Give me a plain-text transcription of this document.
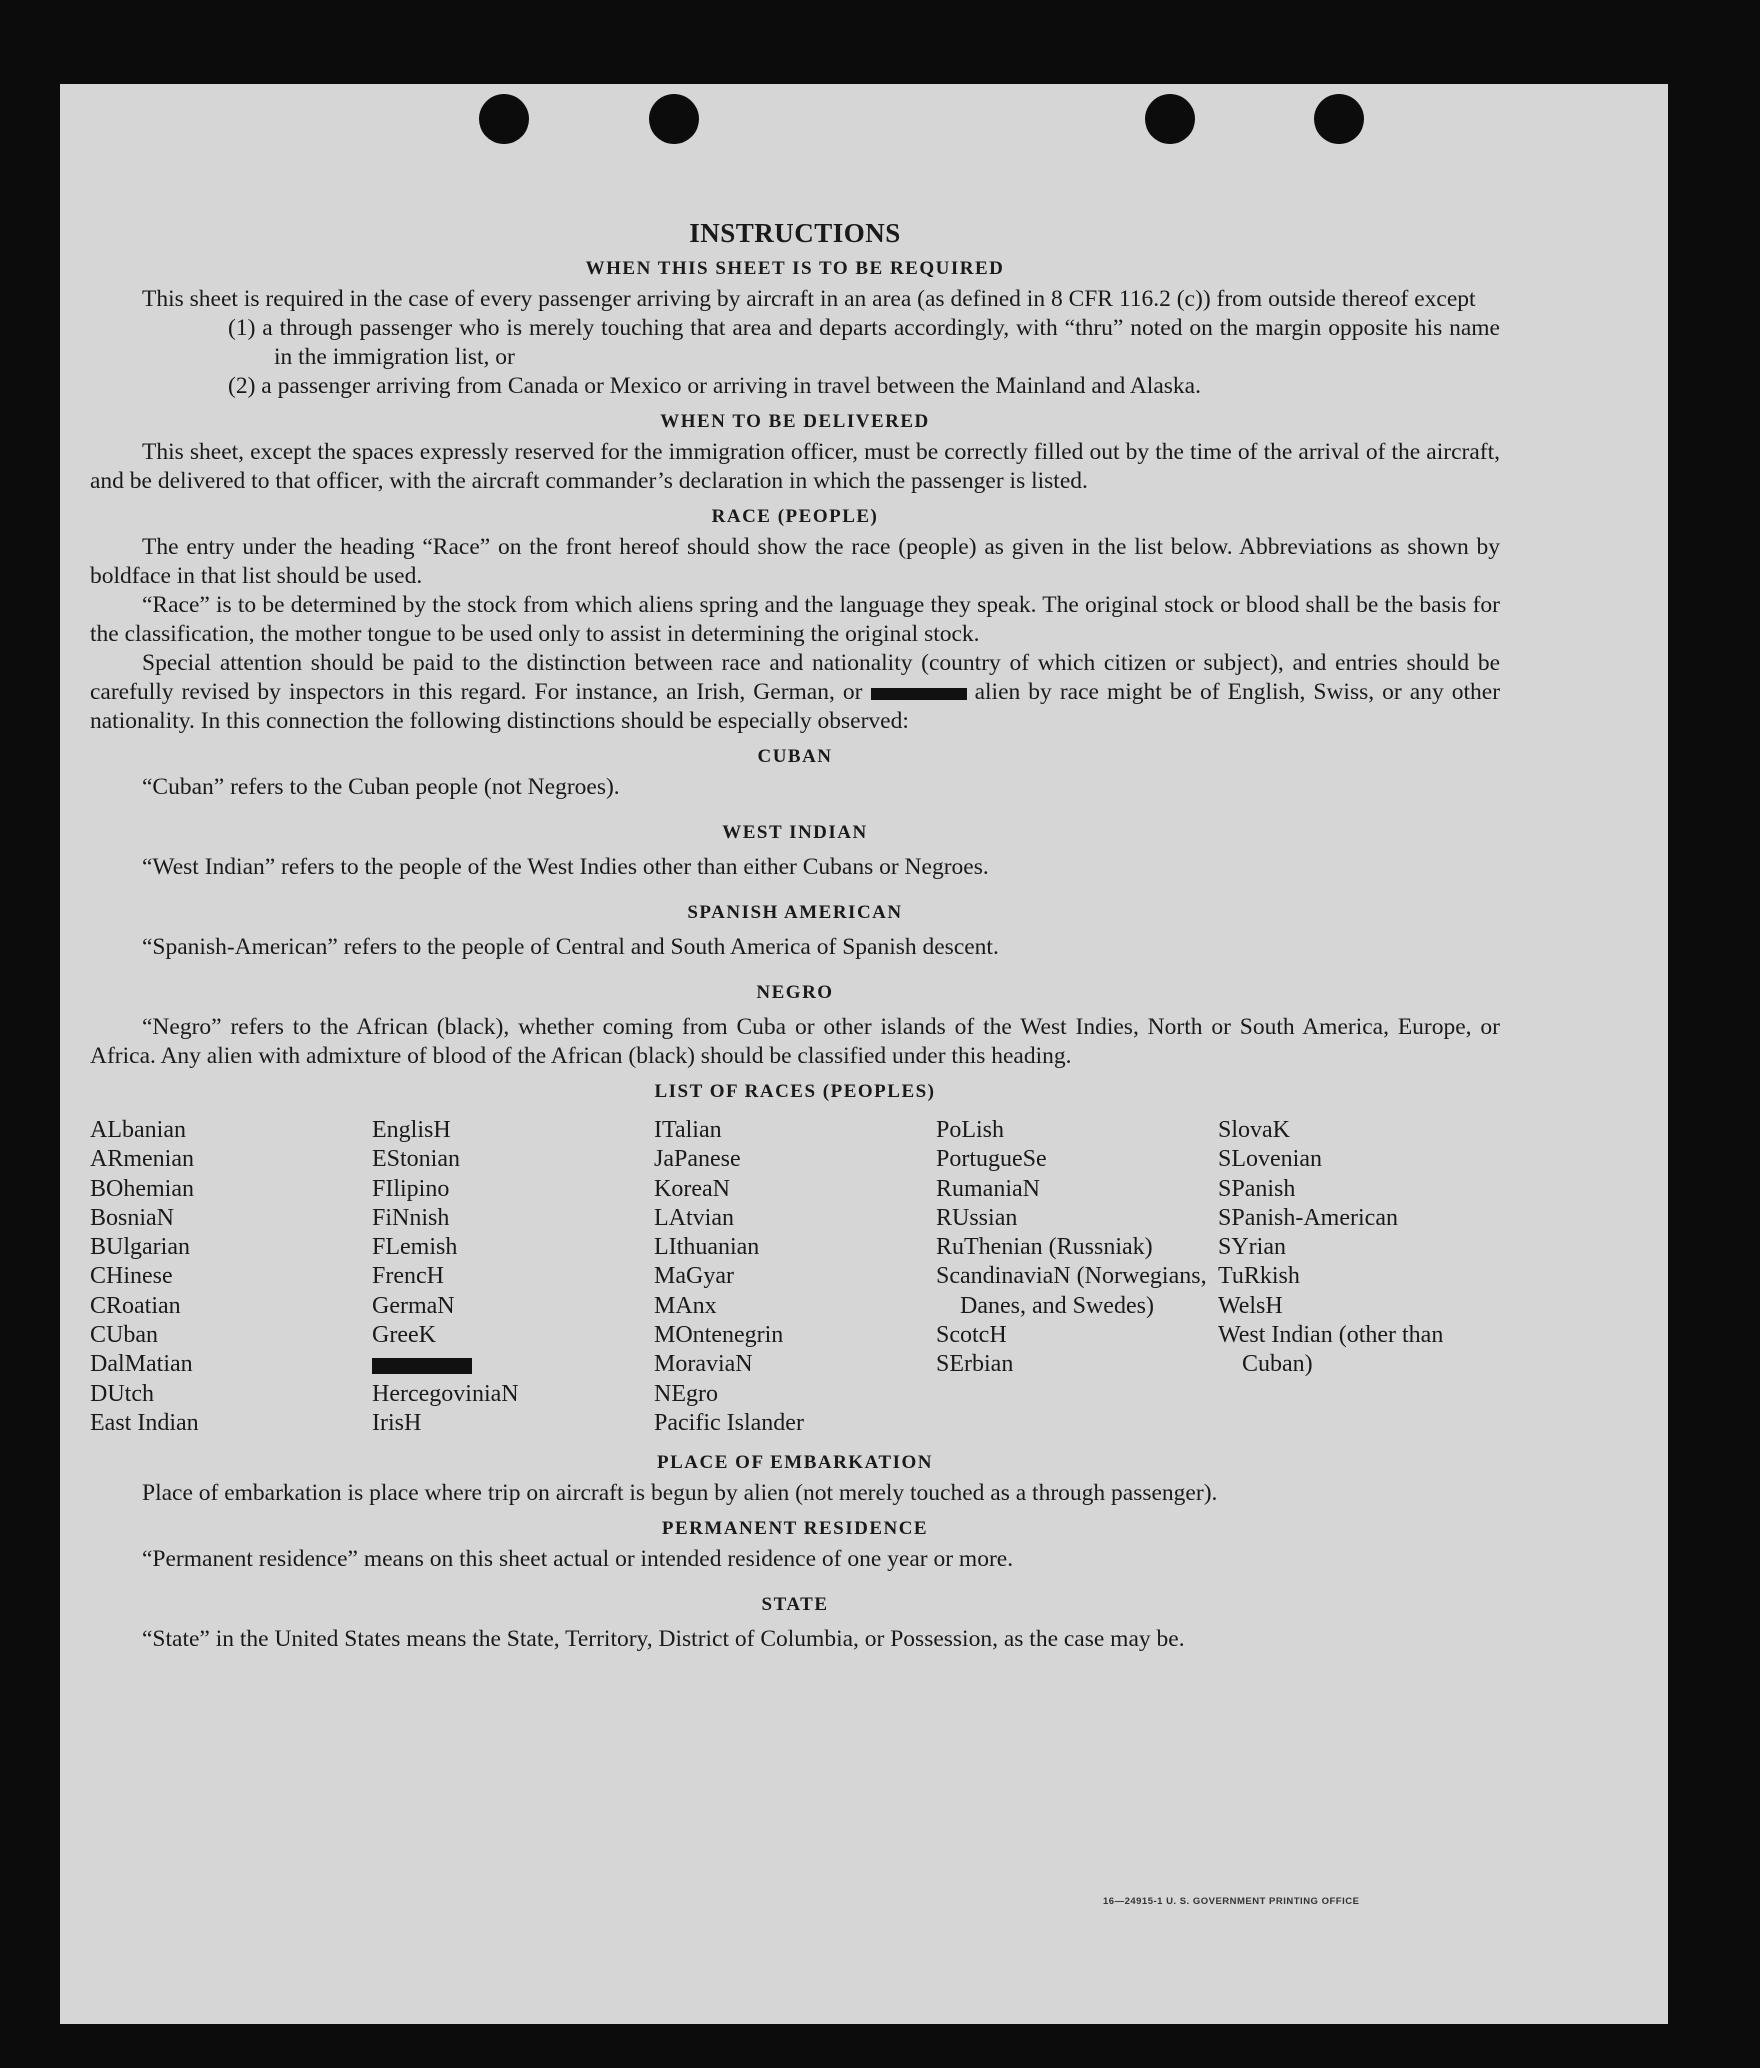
INSTRUCTIONS
WHEN THIS SHEET IS TO BE REQUIRED

This sheet is required in the case of every passenger arriving by aircraft in an area (as defined in 8 CFR 116.2 (c)) from outside thereof except

(1) a through passenger who is merely touching that area and departs accordingly, with “thru” noted on the margin opposite his name in the immigration list, or

(2) a passenger arriving from Canada or Mexico or arriving in travel between the Mainland and Alaska.

WHEN TO BE DELIVERED

This sheet, except the spaces expressly reserved for the immigration officer, must be correctly filled out by the time of the arrival of the aircraft, and be delivered to that officer, with the aircraft commander’s declaration in which the passenger is listed.

RACE (PEOPLE)

The entry under the heading “Race” on the front hereof should show the race (people) as given in the list below. Abbreviations as shown by boldface in that list should be used.

“Race” is to be determined by the stock from which aliens spring and the language they speak. The original stock or blood shall be the basis for the classification, the mother tongue to be used only to assist in determining the original stock.

Special attention should be paid to the distinction between race and nationality (country of which citizen or subject), and entries should be carefully revised by inspectors in this regard. For instance, an Irish, German, or	alien by race might be of English, Swiss, or any other nationality. In this connection the following distinctions should be especially observed:

CUBAN

“Cuban” refers to the Cuban people (not Negroes).

WEST INDIAN

“West Indian” refers to the people of the West Indies other than either Cubans or Negroes.

SPANISH AMERICAN

“Spanish-American” refers to the people of Central and South America of Spanish descent.

NEGRO

“Negro” refers to the African (black), whether coming from Cuba or other islands of the West Indies, North or South America, Europe, or Africa. Any alien with admixture of blood of the African (black) should be classified under this heading.

LIST OF RACES (PEOPLES)
ALbanian
ARmenian
BOhemian
BosniaN
BUlgarian
CHinese
CRoatian
CUban
DalMatian
DUtch
East Indian
EnglisH
EStonian
FIlipino
FiNnish
FLemish
FrencH
GermaN
GreeK
HercegoviniaN
IrisH
ITalian
JaPanese
KoreaN
LAtvian
LIthuanian
MaGyar
MAnx
MOntenegrin
MoraviaN
NEgro
Pacific Islander
PoLish
PortugueSe
RumaniaN
RUssian
RuThenian (Russniak)
ScandinaviaN (Norwegians, Danes, and Swedes)
ScotcH
SErbian
SlovaK
SLovenian
SPanish
SPanish-American
SYrian
TuRkish
WelsH
West Indian (other than Cuban)
PLACE OF EMBARKATION

Place of embarkation is place where trip on aircraft is begun by alien (not merely touched as a through passenger).

PERMANENT RESIDENCE

“Permanent residence” means on this sheet actual or intended residence of one year or more.

STATE

“State” in the United States means the State, Territory, District of Columbia, or Possession, as the case may be.

16—24915-1 U. S. GOVERNMENT PRINTING OFFICE
